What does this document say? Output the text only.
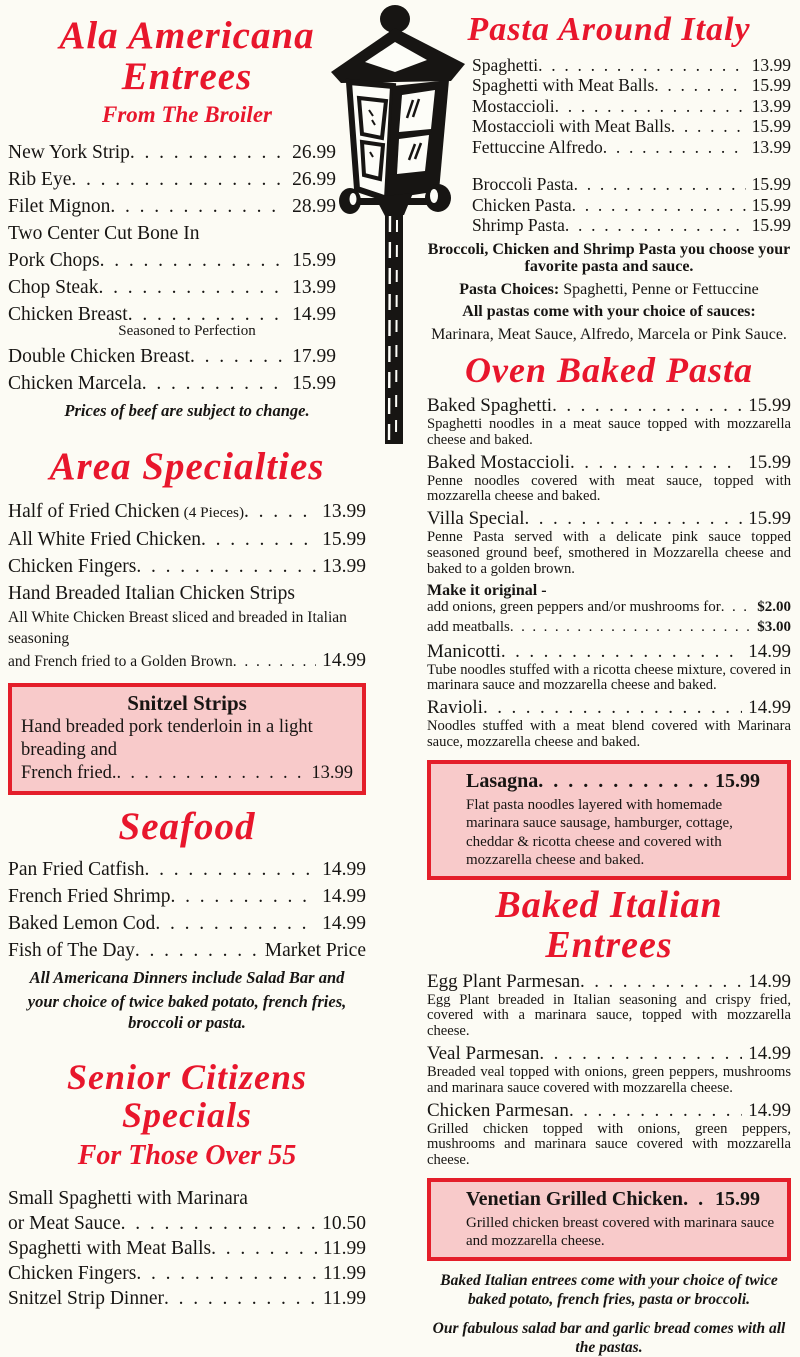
Ala Americana Entrees
From The Broiler
New York Strip .  .	26.99
Rib Eye .  .	26.99
Filet Mignon .  .	28.99
Two Center Cut Bone In
Pork Chops .  .	15.99
Chop Steak .  .	13.99
Chicken Breast .  .	14.99
Seasoned to Perfection
Double Chicken Breast .  .	17.99
Chicken Marcela .  .	15.99
Prices of beef are subject to change.
Area Specialties
Half of Fried Chicken (4 Pieces) .  .	13.99
All White Fried Chicken .  .	15.99
Chicken Fingers .  .	13.99
Hand Breaded Italian Chicken Strips
All White Chicken Breast sliced and breaded in Italian seasoning
and French fried to a Golden Brown .  .	14.99
Snitzel Strips
Hand breaded pork tenderloin in a light breading and
French fried. .  .	13.99
Seafood
Pan Fried Catfish .  .	14.99
French Fried Shrimp .  .	14.99
Baked Lemon Cod .  .	14.99
Fish of The Day .  .	Market Price
All Americana Dinners include Salad Bar and
your choice of twice baked potato, french fries, broccoli or pasta.
Senior Citizens Specials
For Those Over 55
Small Spaghetti with Marinara
or Meat Sauce .  .	10.50
Spaghetti with Meat Balls .  .	11.99
Chicken Fingers .  .	11.99
Snitzel Strip Dinner .  .	11.99
Pasta Around Italy
Spaghetti .  .	13.99
Spaghetti with Meat Balls .  .	15.99
Mostaccioli .  .	13.99
Mostaccioli with Meat Balls .  .	15.99
Fettuccine Alfredo .  .	13.99
Broccoli Pasta .  .	15.99
Chicken Pasta .  .	15.99
Shrimp Pasta .  .	15.99
Broccoli, Chicken and Shrimp Pasta you choose your favorite pasta and sauce.
Pasta Choices: Spaghetti, Penne or Fettuccine
All pastas come with your choice of sauces:
Marinara, Meat Sauce, Alfredo, Marcela or Pink Sauce.
Oven Baked Pasta
Baked Spaghetti .  .	15.99
Spaghetti noodles in a meat sauce topped with mozzarella cheese and baked.
Baked Mostaccioli .  .	15.99
Penne noodles covered with meat sauce, topped with mozzarella cheese and baked.
Villa Special .  .	15.99
Penne Pasta served with a delicate pink sauce topped seasoned ground beef, smothered in Mozzarella cheese and baked to a golden brown.
Make it original -
add onions, green peppers and/or mushrooms for .  .	$2.00
add meatballs .  .	$3.00
Manicotti .  .	14.99
Tube noodles stuffed with a ricotta cheese mixture, covered in marinara sauce and mozzarella cheese and baked.
Ravioli .  .	14.99
Noodles stuffed with a meat blend covered with Marinara sauce, mozzarella cheese and baked.
Lasagna .  .	15.99
Flat pasta noodles layered with homemade marinara sauce sausage, hamburger, cottage, cheddar & ricotta cheese and covered with mozzarella cheese and baked.
Baked Italian Entrees
Egg Plant Parmesan .  .	14.99
Egg Plant breaded in Italian seasoning and crispy fried, covered with a marinara sauce, topped with mozzarella cheese.
Veal Parmesan .  .	14.99
Breaded veal topped with onions, green peppers, mushrooms and marinara sauce covered with mozzarella cheese.
Chicken Parmesan .  .	14.99
Grilled chicken topped with onions, green peppers, mushrooms and marinara sauce covered with mozzarella cheese.
Venetian Grilled Chicken .  .	15.99
Grilled chicken breast covered with marinara sauce and mozzarella cheese.
Baked Italian entrees come with your choice of twice baked potato, french fries, pasta or broccoli.
Our fabulous salad bar and garlic bread comes with all the pastas.
